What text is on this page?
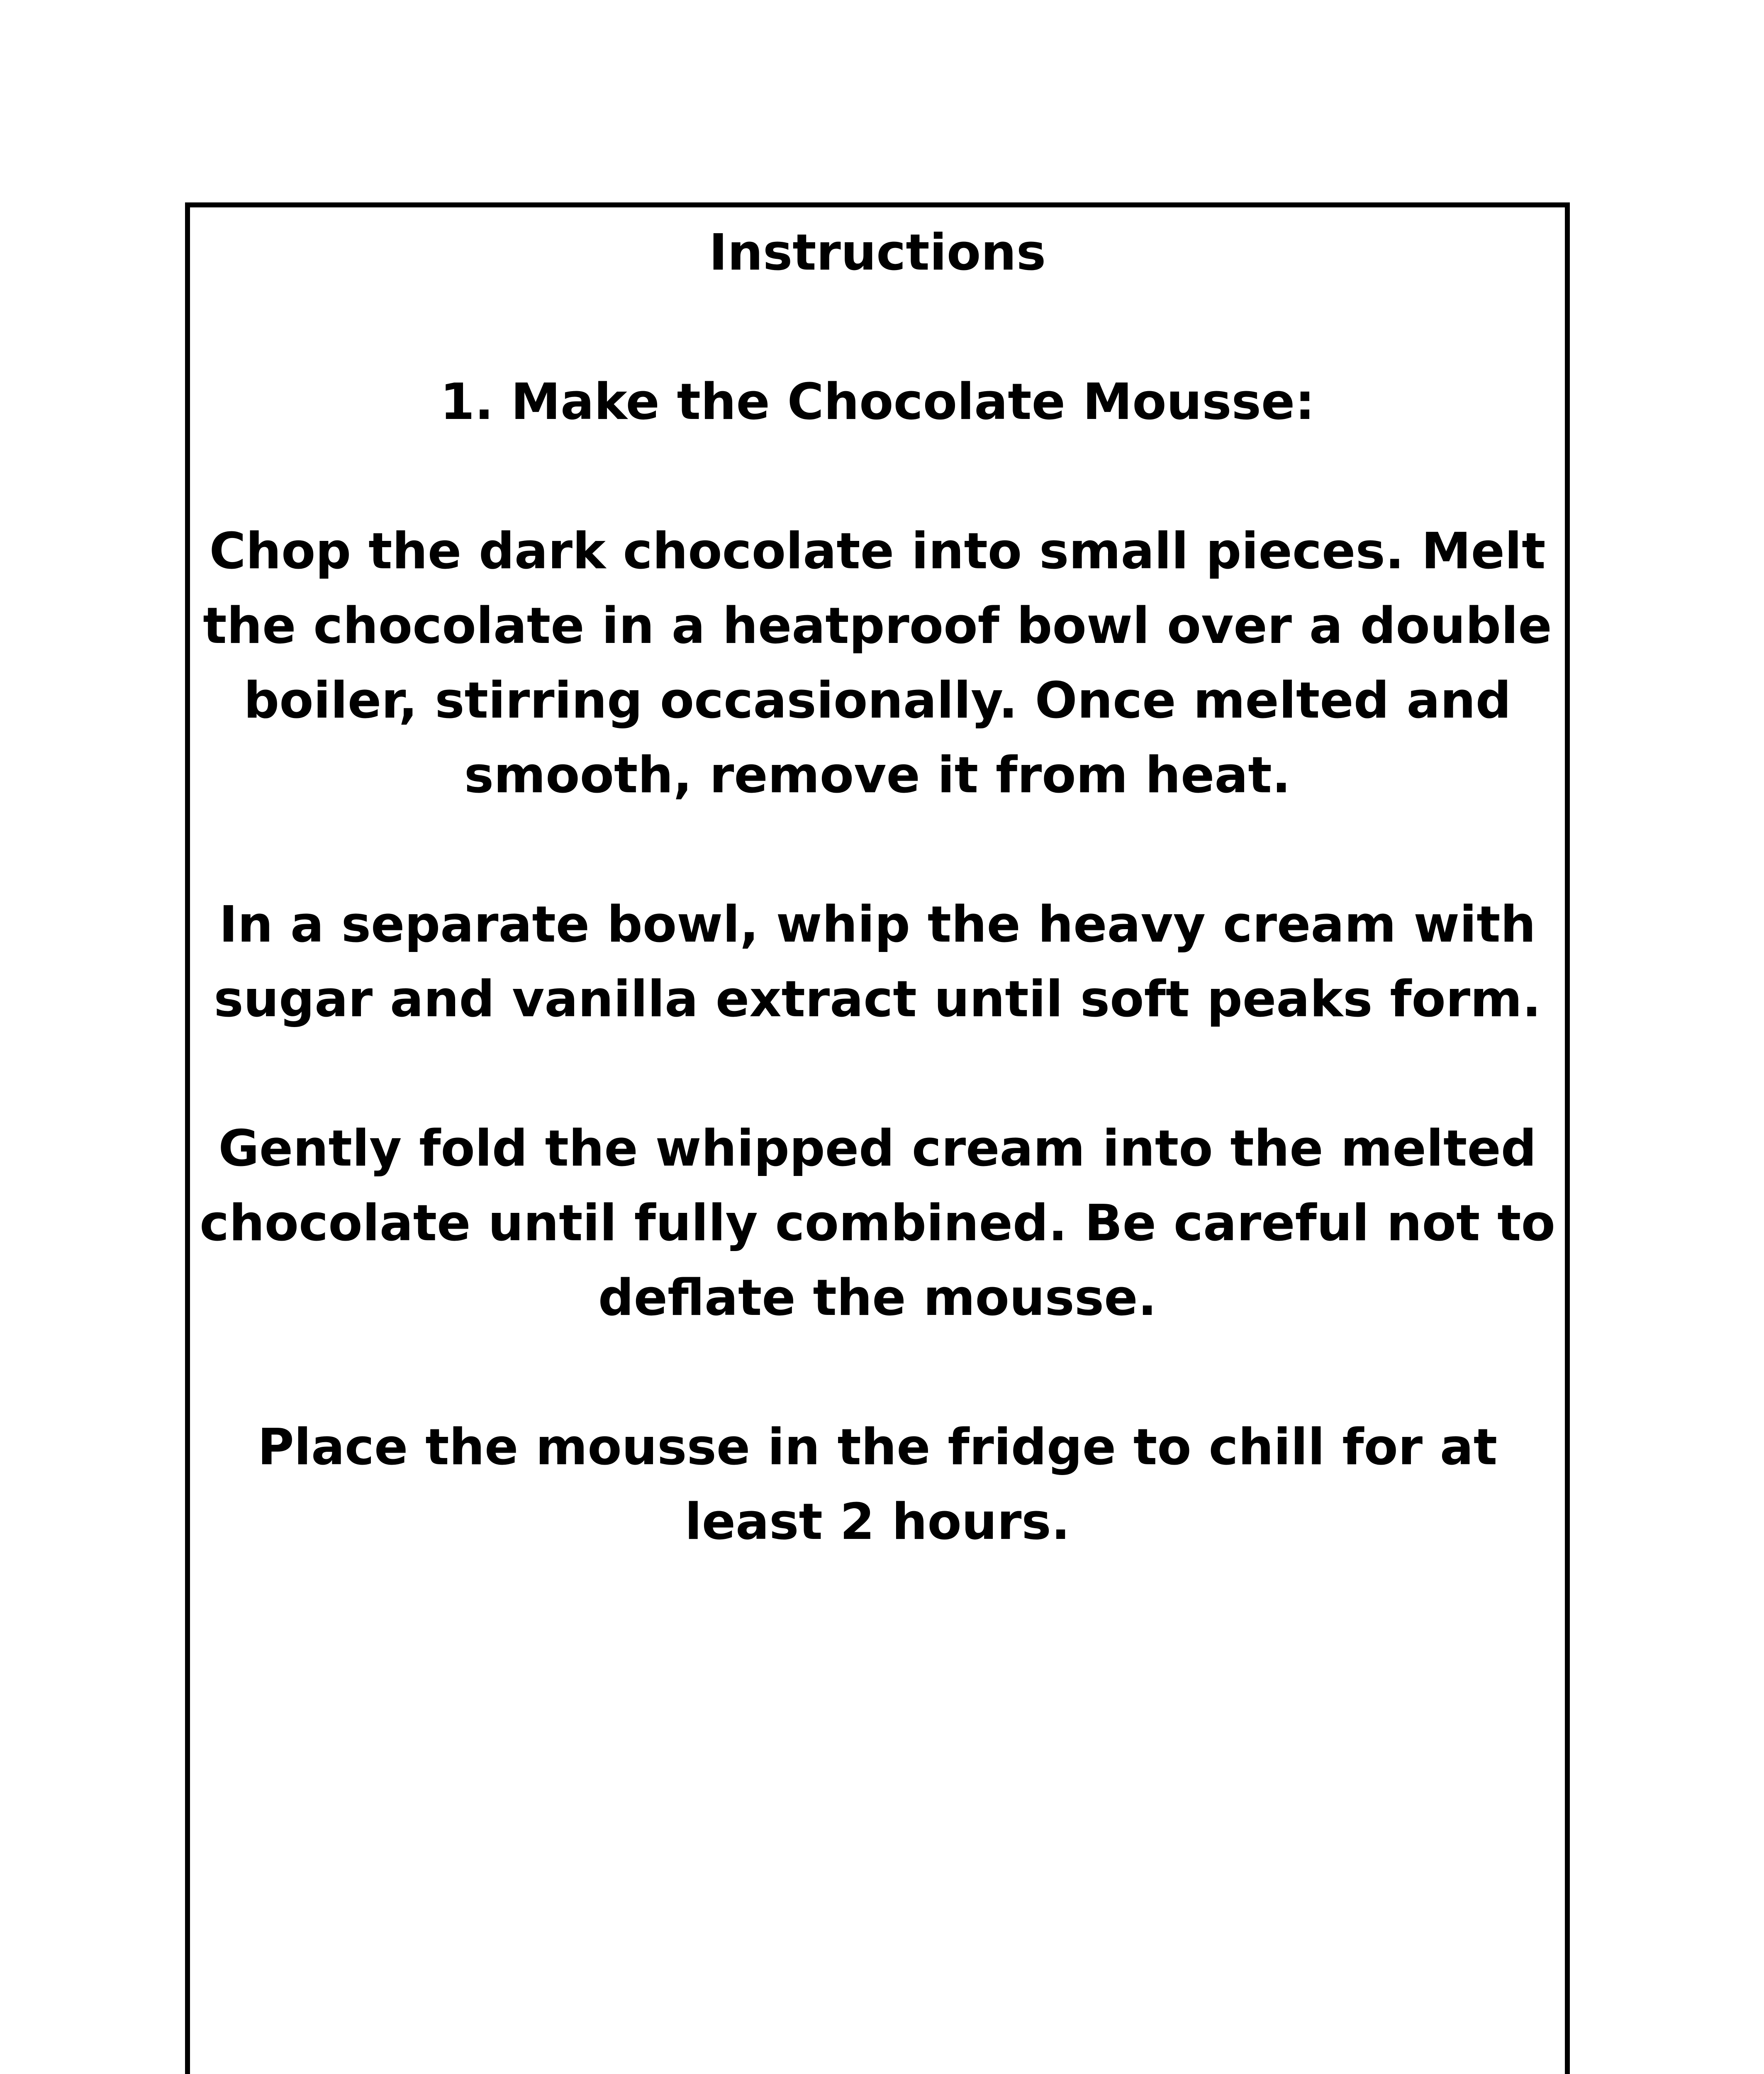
Instructions

1. Make the Chocolate Mousse:

Chop the dark chocolate into small pieces. Melt the chocolate in a heatproof bowl over a double boiler, stirring occasionally. Once melted and smooth, remove it from heat.

In a separate bowl, whip the heavy cream with sugar and vanilla extract until soft peaks form.

Gently fold the whipped cream into the melted chocolate until fully combined. Be careful not to deflate the mousse.

Place the mousse in the fridge to chill for at least 2 hours.
